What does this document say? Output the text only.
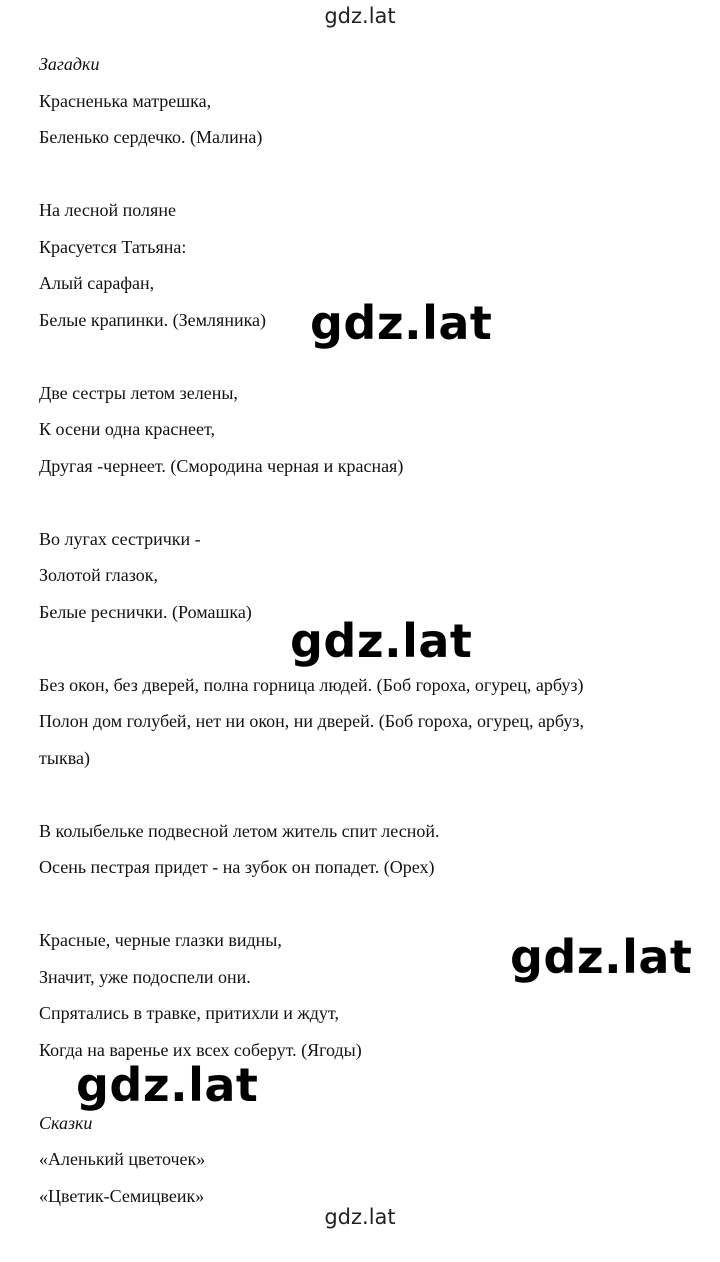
gdz.lat
Загадки
Красненька матрешка,
Беленько сердечко. (Малина)
На лесной поляне
Красуется Татьяна:
Алый сарафан,
Белые крапинки. (Земляника)
Две сестры летом зелены,
К осени одна краснеет,
Другая -чернеет. (Смородина черная и красная)
Во лугах сестрички -
Золотой глазок,
Белые реснички. (Ромашка)
Без окон, без дверей, полна горница людей. (Боб гороха, огурец, арбуз)
Полон дом голубей, нет ни окон, ни дверей. (Боб гороха, огурец, арбуз,
тыква)
В колыбельке подвесной летом житель спит лесной.
Осень пестрая придет - на зубок он попадет. (Орех)
Красные, черные глазки видны,
Значит, уже подоспели они.
Спрятались в травке, притихли и ждут,
Когда на варенье их всех соберут. (Ягоды)
Сказки
«Аленький цветочек»
«Цветик-Семицвеик»
gdz.lat
gdz.lat
gdz.lat
gdz.lat
gdz.lat
